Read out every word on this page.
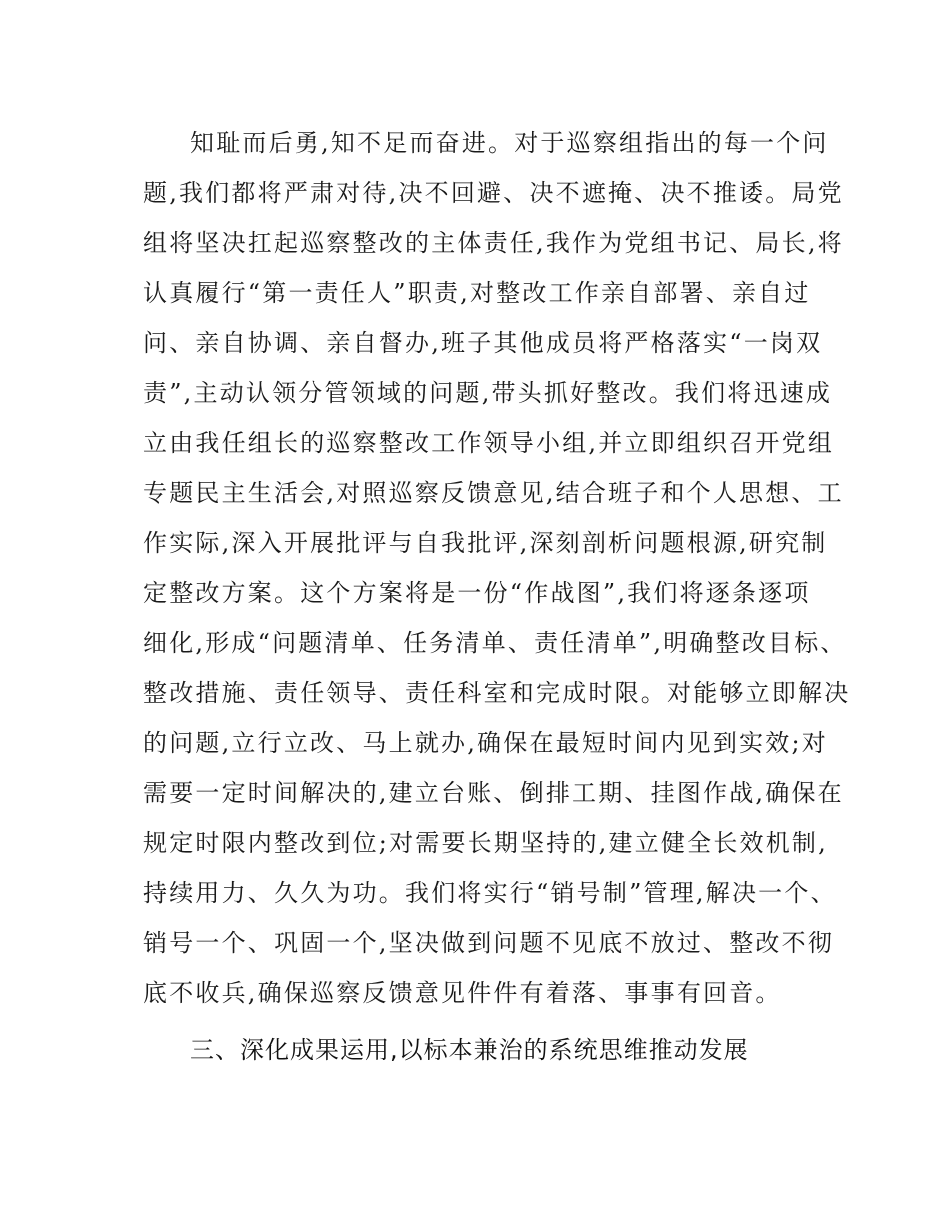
知耻而后勇,知不足而奋进。对于巡察组指出的每一个问
题,我们都将严肃对待,决不回避、决不遮掩、决不推诿。局党
组将坚决扛起巡察整改的主体责任,我作为党组书记、局长,将
认真履行“第一责任人”职责,对整改工作亲自部署、亲自过
问、亲自协调、亲自督办,班子其他成员将严格落实“一岗双
责”,主动认领分管领域的问题,带头抓好整改。我们将迅速成
立由我任组长的巡察整改工作领导小组,并立即组织召开党组
专题民主生活会,对照巡察反馈意见,结合班子和个人思想、工
作实际,深入开展批评与自我批评,深刻剖析问题根源,研究制
定整改方案。这个方案将是一份“作战图”,我们将逐条逐项
细化,形成“问题清单、任务清单、责任清单”,明确整改目标、
整改措施、责任领导、责任科室和完成时限。对能够立即解决
的问题,立行立改、马上就办,确保在最短时间内见到实效;对
需要一定时间解决的,建立台账、倒排工期、挂图作战,确保在
规定时限内整改到位;对需要长期坚持的,建立健全长效机制,
持续用力、久久为功。我们将实行“销号制”管理,解决一个、
销号一个、巩固一个,坚决做到问题不见底不放过、整改不彻
底不收兵,确保巡察反馈意见件件有着落、事事有回音。
三、深化成果运用,以标本兼治的系统思维推动发展
